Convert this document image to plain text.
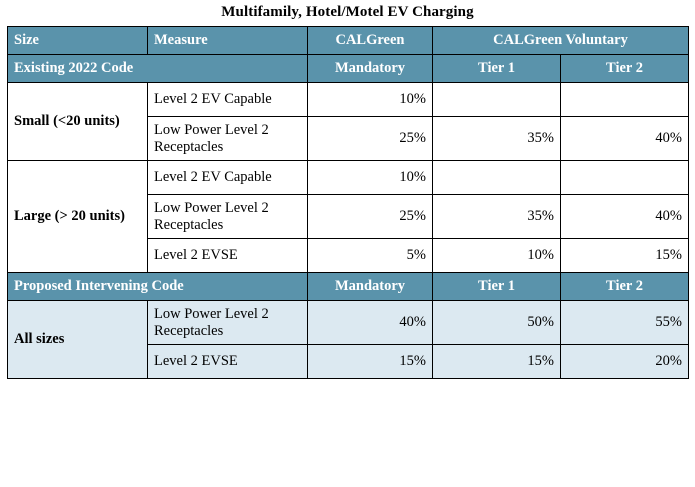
Multifamily, Hotel/Motel EV Charging
Size	Measure	CALGreen	CALGreen Voluntary	
Existing 2022 Code		Mandatory	Tier 1	Tier 2
Small (<20 units)	Level 2 EV Capable	10%		
	Low Power Level 2 Receptacles	25%	35%	40%
Large (> 20 units)	Level 2 EV Capable	10%		
	Low Power Level 2 Receptacles	25%	35%	40%
	Level 2 EVSE	5%	10%	15%
Proposed Intervening Code		Mandatory	Tier 1	Tier 2
All sizes	Low Power Level 2 Receptacles	40%	50%	55%
	Level 2 EVSE	15%	15%	20%
